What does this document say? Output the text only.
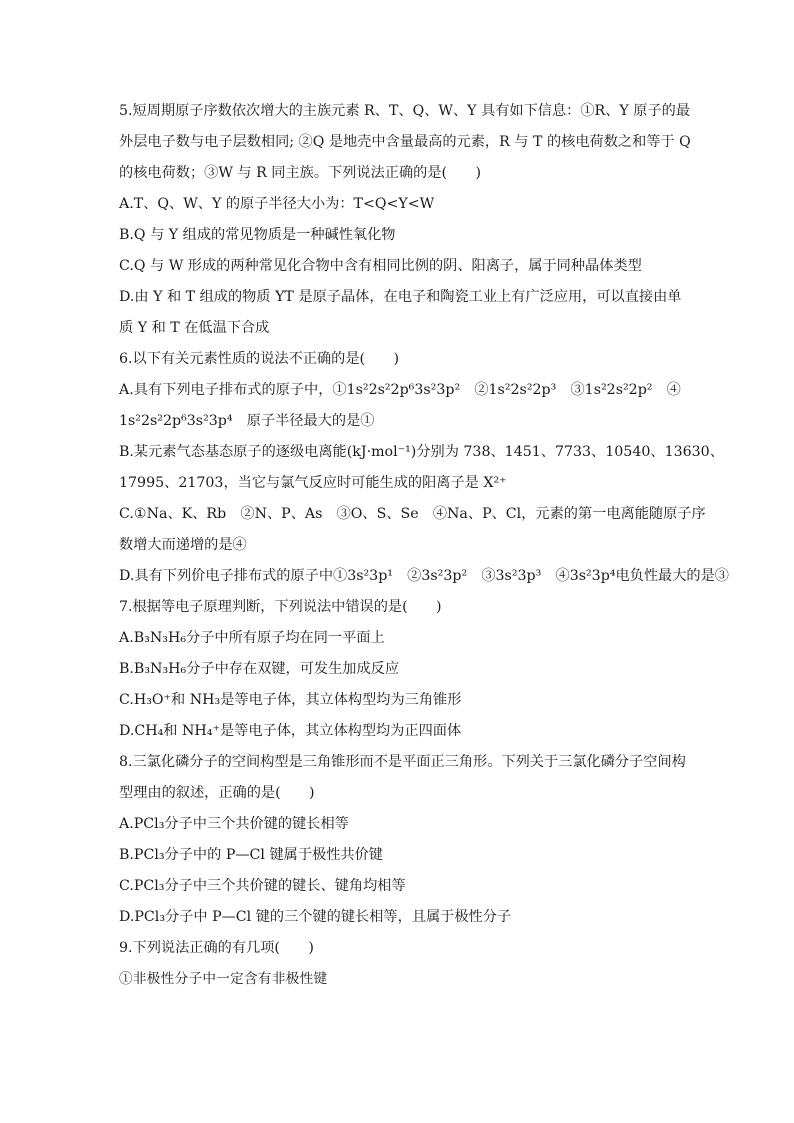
5.短周期原子序数依次增大的主族元素 R、T、Q、W、Y 具有如下信息：①R、Y 原子的最
外层电子数与电子层数相同; ②Q 是地壳中含量最高的元素，R 与 T 的核电荷数之和等于 Q
的核电荷数；③W 与 R 同主族。下列说法正确的是(　　)
A.T、Q、W、Y 的原子半径大小为：T<Q<Y<W
B.Q 与 Y 组成的常见物质是一种碱性氧化物
C.Q 与 W 形成的两种常见化合物中含有相同比例的阴、阳离子，属于同种晶体类型
D.由 Y 和 T 组成的物质 YT 是原子晶体，在电子和陶瓷工业上有广泛应用，可以直接由单
质 Y 和 T 在低温下合成
6.以下有关元素性质的说法不正确的是(　　)
A.具有下列电子排布式的原子中，①1s²2s²2p⁶3s²3p²　②1s²2s²2p³　③1s²2s²2p²　④
1s²2s²2p⁶3s²3p⁴　原子半径最大的是①
B.某元素气态基态原子的逐级电离能(kJ·mol⁻¹)分别为 738、1451、7733、10540、13630、
17995、21703，当它与氯气反应时可能生成的阳离子是 X²⁺
C.①Na、K、Rb　②N、P、As　③O、S、Se　④Na、P、Cl，元素的第一电离能随原子序
数增大而递增的是④
D.具有下列价电子排布式的原子中①3s²3p¹　②3s²3p²　③3s²3p³　④3s²3p⁴电负性最大的是③
7.根据等电子原理判断，下列说法中错误的是(　　)
A.B₃N₃H₆分子中所有原子均在同一平面上
B.B₃N₃H₆分子中存在双键，可发生加成反应
C.H₃O⁺和 NH₃是等电子体，其立体构型均为三角锥形
D.CH₄和 NH₄⁺是等电子体，其立体构型均为正四面体
8.三氯化磷分子的空间构型是三角锥形而不是平面正三角形。下列关于三氯化磷分子空间构
型理由的叙述，正确的是(　　)
A.PCl₃分子中三个共价键的键长相等
B.PCl₃分子中的 P—Cl 键属于极性共价键
C.PCl₃分子中三个共价键的键长、键角均相等
D.PCl₃分子中 P—Cl 键的三个键的键长相等，且属于极性分子
9.下列说法正确的有几项(　　)
①非极性分子中一定含有非极性键
